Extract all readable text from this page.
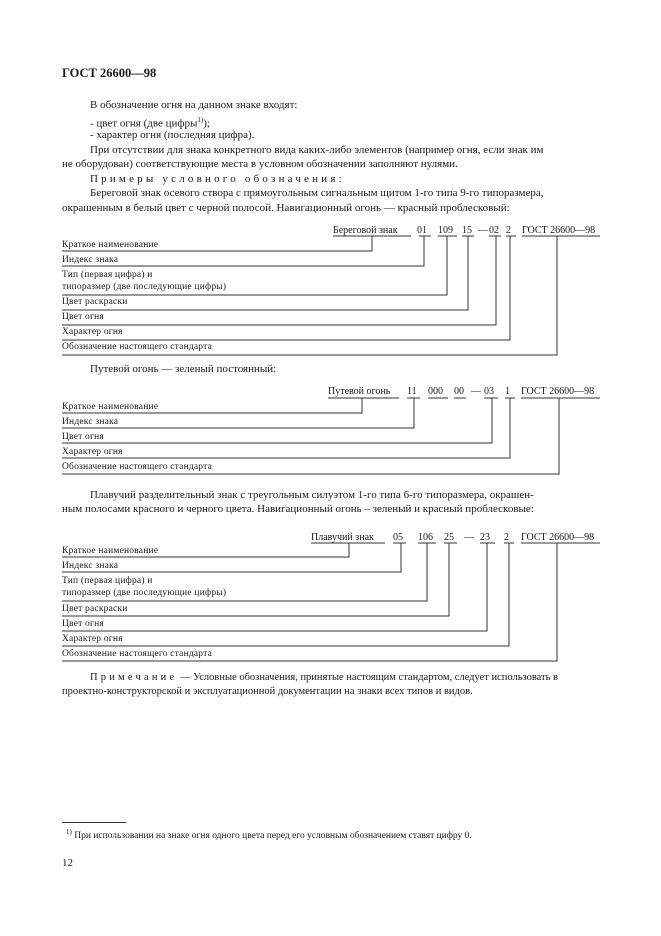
ГОСТ 26600—98
В обозначение огня на данном знаке входят:
- цвет огня (две цифры$^{1)}$);
- характер огня (последняя цифра).
При отсутствии для знака конкретного вида каких-либо элементов (например огня, если знак им
не оборудован) соответствующие места в условном обозначении заполняют нулями.
Примеры условного обозначения:
Береговой знак осевого створа с прямоугольным сигнальным щитом 1-го типа 9-го типоразмера,
окрашенным в белый цвет с черной полосой. Навигационный огонь — красный проблесковый:
Береговой знак 01 109 15 — 02 2 ГОСТ 26600—98
Краткое наименование
Индекс знака
Тип (первая цифра) и
типоразмер (две последующие цифры)
Цвет раскраски
Цвет огня
Характер огня
Обозначение настоящего стандарта
Путевой огонь — зеленый постоянный:
Путевой огонь 11 000 00 — 03 1 ГОСТ 26600—98
Краткое наименование
Индекс знака
Цвет огня
Характер огня
Обозначение настоящего стандарта
Плавучий разделительный знак с треугольным силуэтом 1-го типа 6-го типоразмера, окрашен-
ным полосами красного и черного цвета. Навигационный огонь – зеленый и красный проблесковые:
Плавучий знак 05 106 25 — 23 2 ГОСТ 26600—98
Краткое наименование
Индекс знака
Тип (первая цифра) и
типоразмер (две последующие цифры)
Цвет раскраски
Цвет огня
Характер огня
Обозначение настоящего стандарта
Примечание — Условные обозначения, принятые настоящим стандартом, следует использовать в
проектно-конструкторской и эксплуатационной документации на знаки всех типов и видов.
$^{1)}$ При использовании на знаке огня одного цвета перед его условным обозначением ставят цифру 0.
12
